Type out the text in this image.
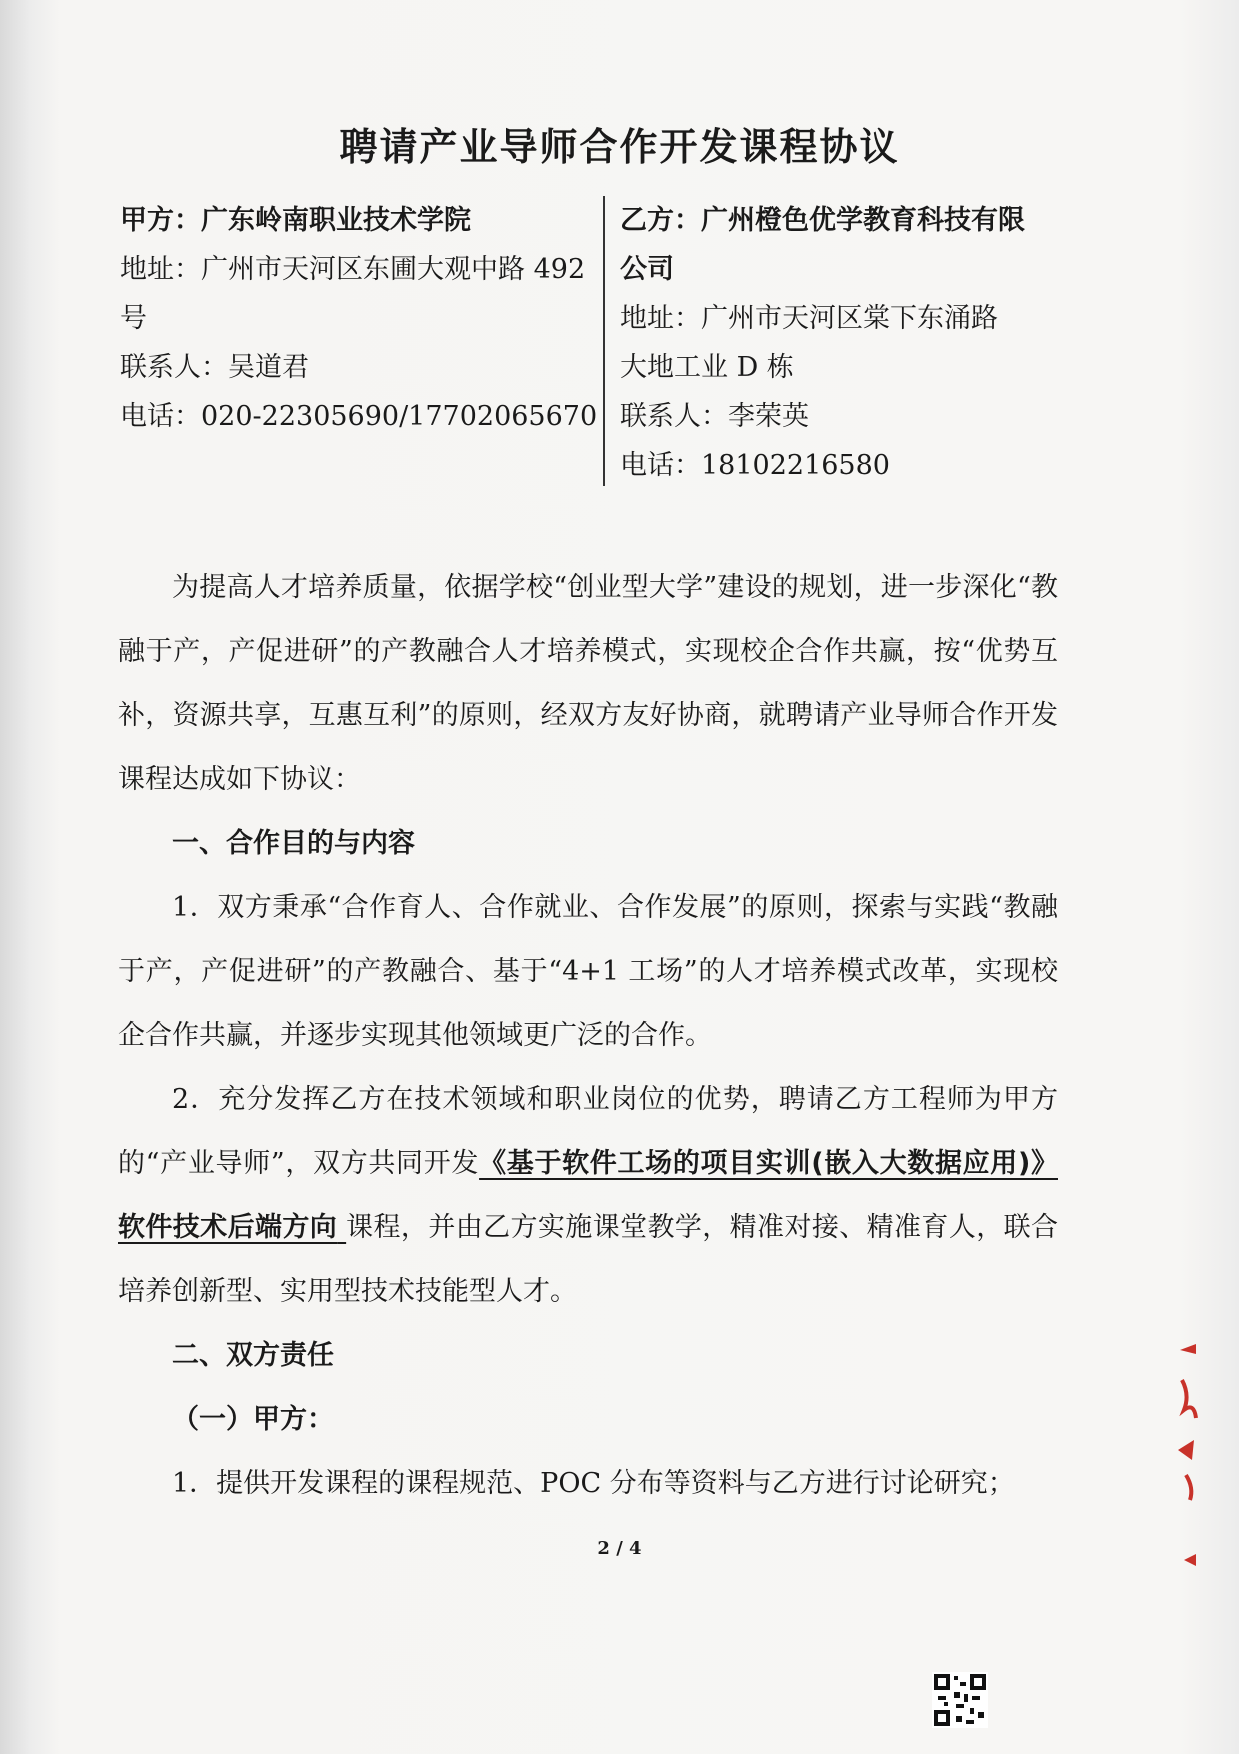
聘请产业导师合作开发课程协议
甲方：广东岭南职业技术学院
地址：广州市天河区东圃大观中路 492
号
联系人：吴道君
电话：020-22305690/17702065670
乙方：广州橙色优学教育科技有限
公司
地址：广州市天河区棠下东涌路
大地工业 D 栋
联系人：李荣英
电话：18102216580

为提高人才培养质量，依据学校“创业型大学”建设的规划，进一步深化“教融于产，产促进研”的产教融合人才培养模式，实现校企合作共赢，按“优势互补，资源共享，互惠互利”的原则，经双方友好协商，就聘请产业导师合作开发课程达成如下协议：

一、合作目的与内容

1．双方秉承“合作育人、合作就业、合作发展”的原则，探索与实践“教融于产，产促进研”的产教融合、基于“4+1 工场”的人才培养模式改革，实现校企合作共赢，并逐步实现其他领域更广泛的合作。

2．充分发挥乙方在技术领域和职业岗位的优势，聘请乙方工程师为甲方的“产业导师”，双方共同开发《基于软件工场的项目实训(嵌入大数据应用)》软件技术后端方向 课程，并由乙方实施课堂教学，精准对接、精准育人，联合培养创新型、实用型技术技能型人才。

二、双方责任

（一）甲方：

1．提供开发课程的课程规范、POC 分布等资料与乙方进行讨论研究；

2 / 4
